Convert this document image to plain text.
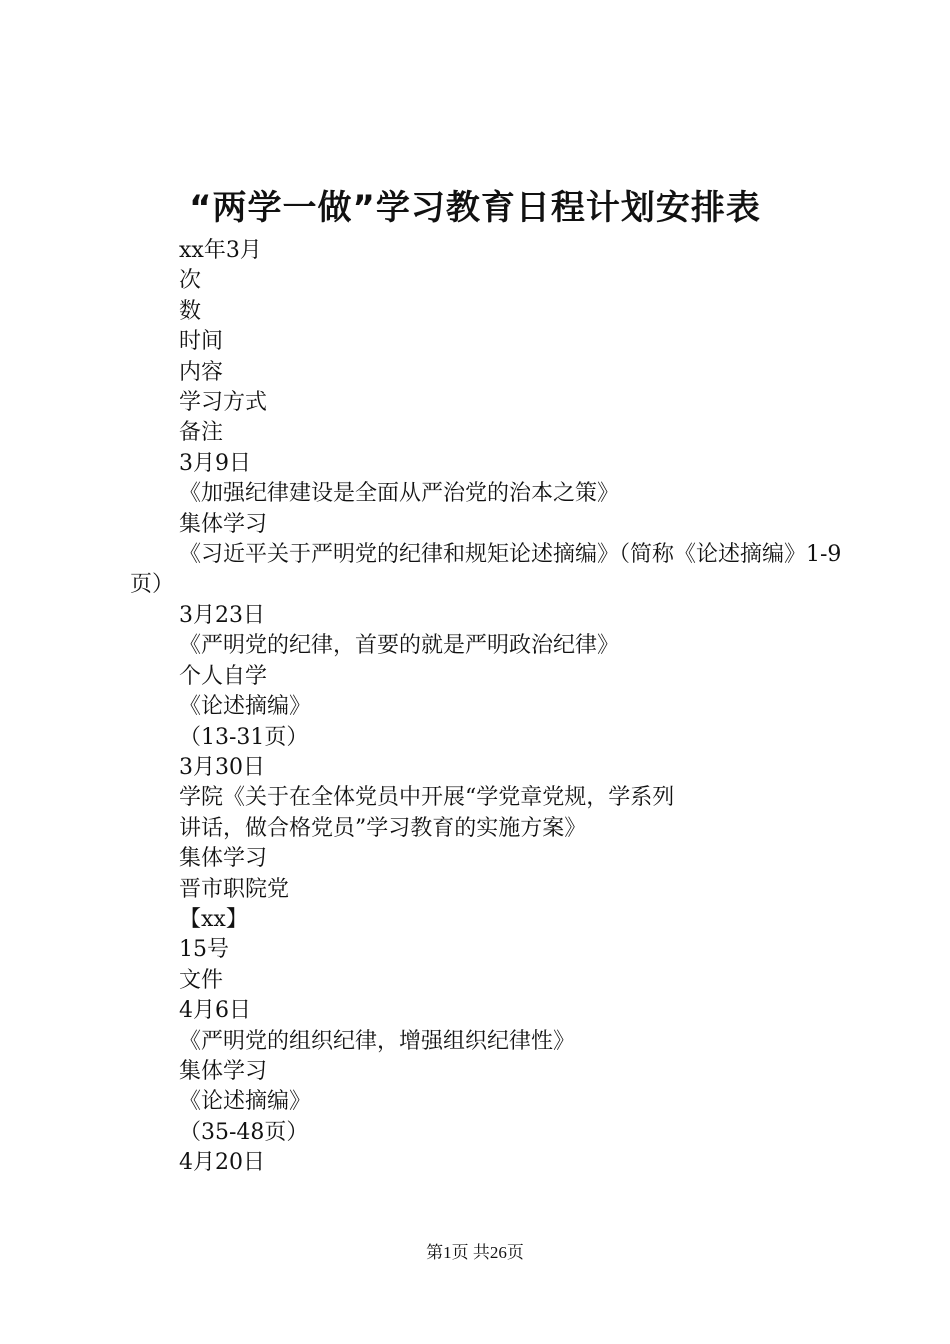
“两学一做”学习教育日程计划安排表
xx年3月
次
数
时间
内容
学习方式
备注
3月9日
《加强纪律建设是全面从严治党的治本之策》
集体学习
《习近平关于严明党的纪律和规矩论述摘编》（简称《论述摘编》1-9页）
3月23日
《严明党的纪律，首要的就是严明政治纪律》
个人自学
《论述摘编》
（13-31页）
3月30日
学院《关于在全体党员中开展“学党章党规，学系列
讲话，做合格党员”学习教育的实施方案》
集体学习
晋市职院党
【xx】
15号
文件
4月6日
《严明党的组织纪律，增强组织纪律性》
集体学习
《论述摘编》
（35-48页）
4月20日
第1页 共26页
